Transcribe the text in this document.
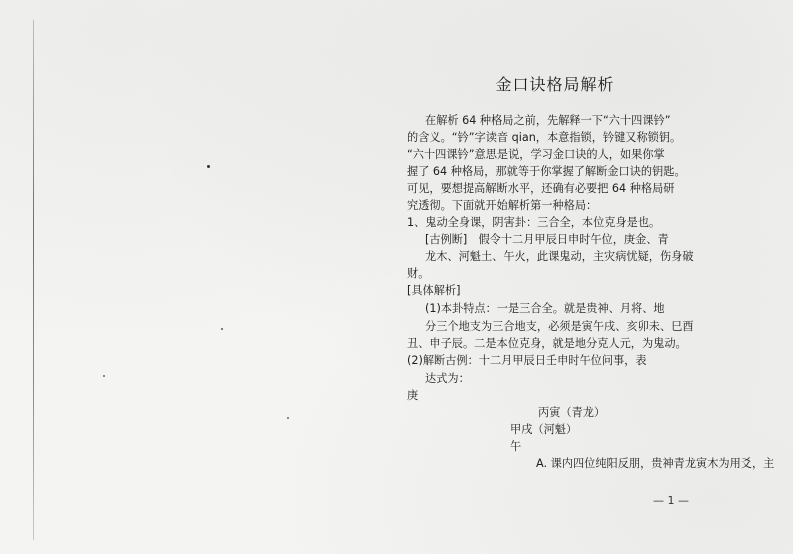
金口诀格局解析
在解析 64 种格局之前，先解释一下“六十四课钤”
的含义。“钤”字读音 qian，本意指锁，钤键又称锁钥。
“六十四课钤”意思是说，学习金口诀的人，如果你掌
握了 64 种格局，那就等于你掌握了解断金口诀的钥匙。
可见，要想提高解断水平，还确有必要把 64 种格局研
究透彻。下面就开始解析第一种格局：
1、鬼动全身课，阴害卦：三合全，本位克身是也。
[古例断]　假令十二月甲辰日申时午位，庚金、青
龙木、河魁土、午火，此课鬼动，主灾病忧疑，伤身破
财。
[具体解析]
(1)本卦特点：一是三合全。就是贵神、月将、地
分三个地支为三合地支，必须是寅午戌、亥卯未、巳酉
丑、申子辰。二是本位克身，就是地分克人元，为鬼动。
(2)解断古例：十二月甲辰日壬申时午位问事，表
达式为：
庚
丙寅（青龙）
甲戌（河魁）
午
A. 课内四位纯阳反朋，贵神青龙寅木为用爻，主
— 1 —
